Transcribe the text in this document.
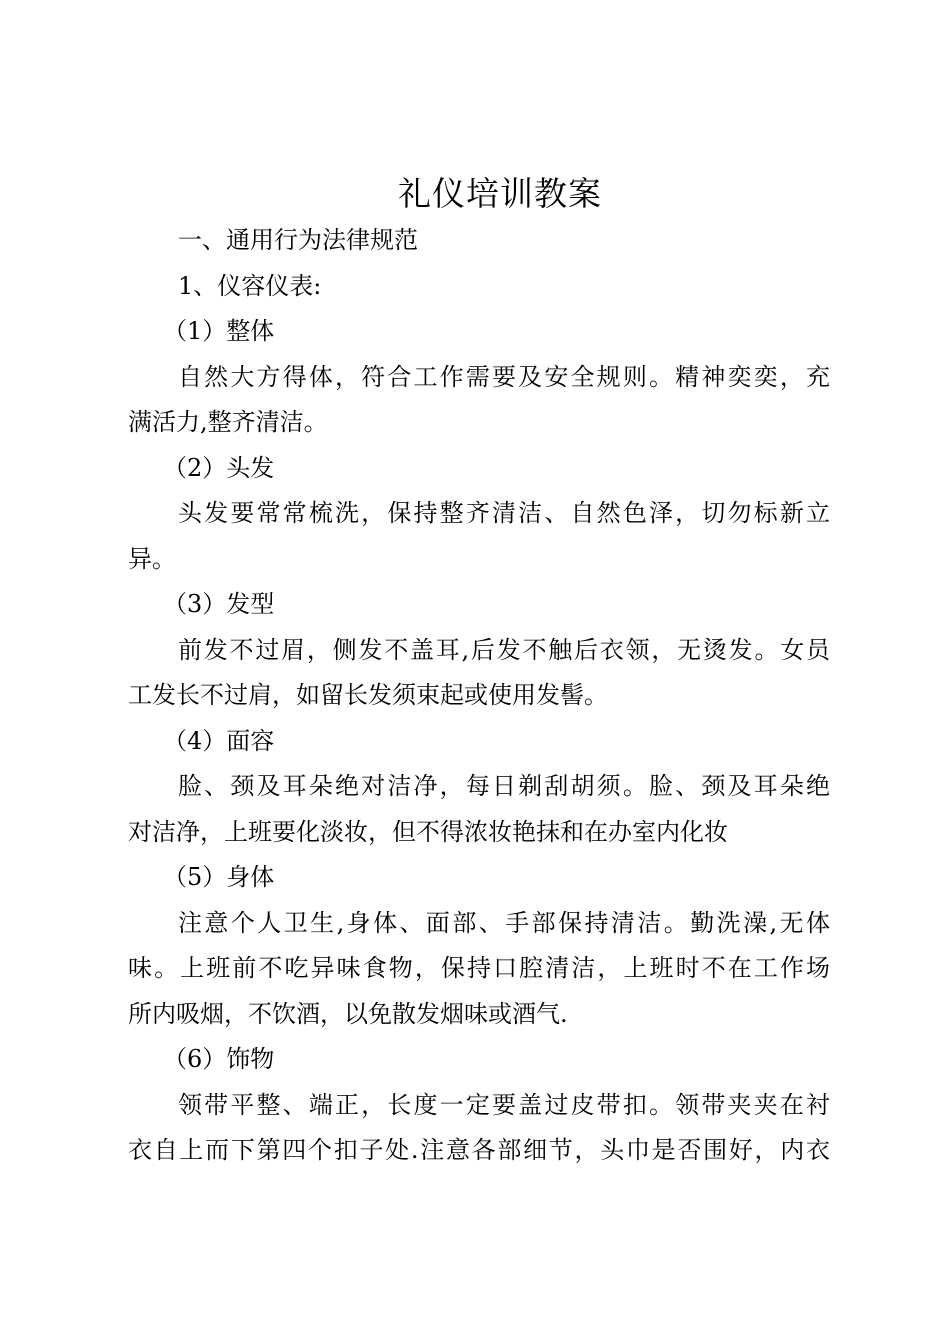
礼仪培训教案
一、通用行为法律规范
1、仪容仪表:
（1）整体
自然大方得体，符合工作需要及安全规则。精神奕奕，充
满活力,整齐清洁。
（2）头发
头发要常常梳洗，保持整齐清洁、自然色泽，切勿标新立
异。
（3）发型
前发不过眉，侧发不盖耳,后发不触后衣领，无烫发。女员
工发长不过肩，如留长发须束起或使用发髻。
（4）面容
脸、颈及耳朵绝对洁净，每日剃刮胡须。脸、颈及耳朵绝
对洁净，上班要化淡妆，但不得浓妆艳抹和在办室内化妆
（5）身体
注意个人卫生,身体、面部、手部保持清洁。勤洗澡,无体
味。上班前不吃异味食物，保持口腔清洁，上班时不在工作场
所内吸烟，不饮酒，以免散发烟味或酒气.
（6）饰物
领带平整、端正，长度一定要盖过皮带扣。领带夹夹在衬
衣自上而下第四个扣子处.注意各部细节，头巾是否围好，内衣
